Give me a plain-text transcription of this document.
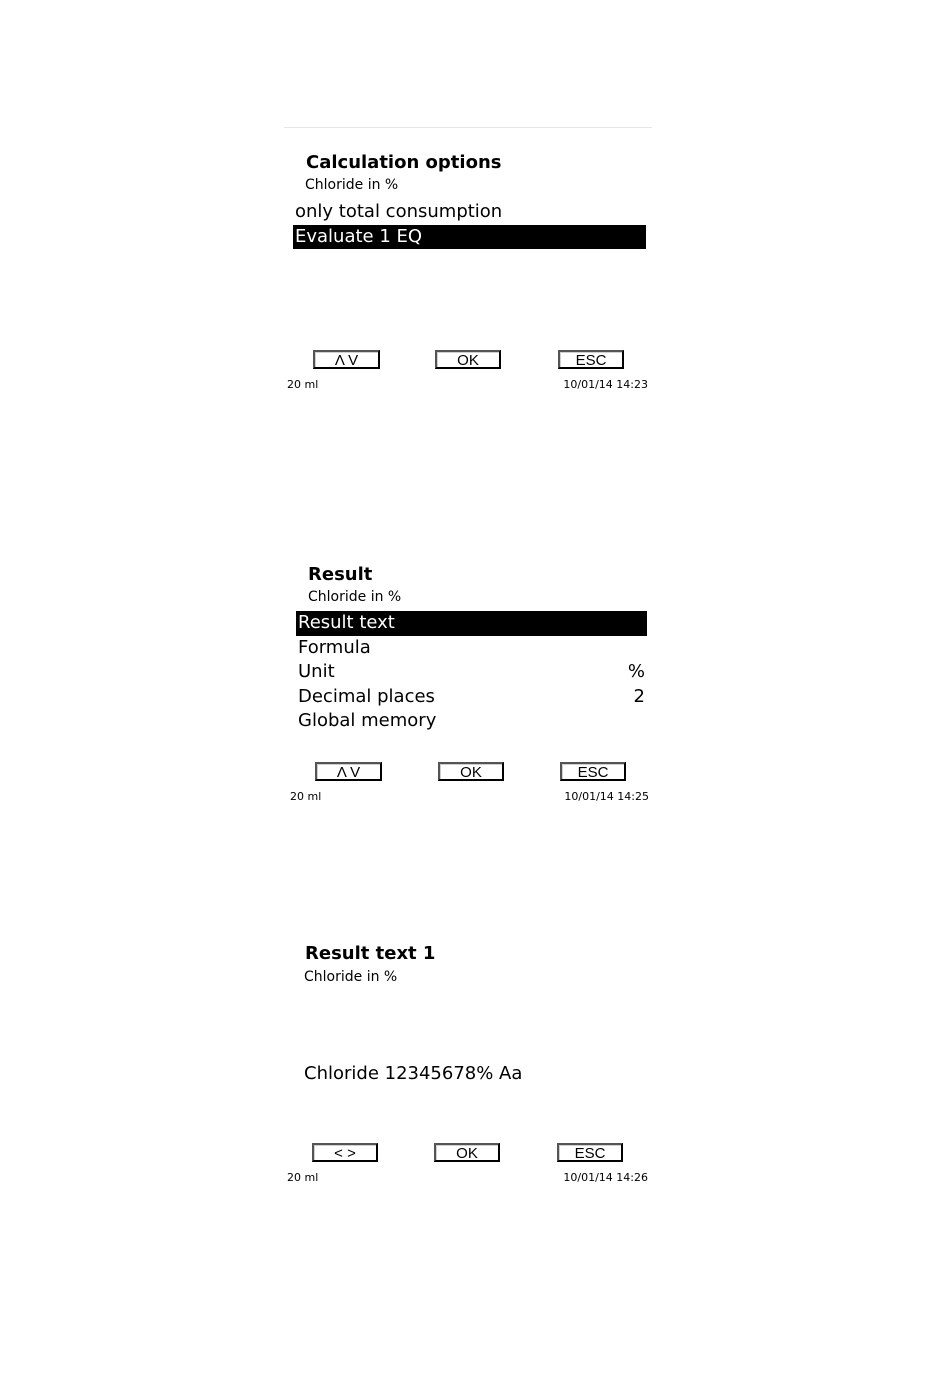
Calculation options
Chloride in %
only total consumption
Evaluate 1 EQ
Λ V	OK	ESC
20 ml	10/01/14 14:23
Result
Chloride in %
Result text
Formula
Unit	%
Decimal places	2
Global memory
Λ V	OK	ESC
20 ml	10/01/14 14:25
Result text 1
Chloride in %
Chloride 12345678% Aa
< >	OK	ESC
20 ml	10/01/14 14:26
